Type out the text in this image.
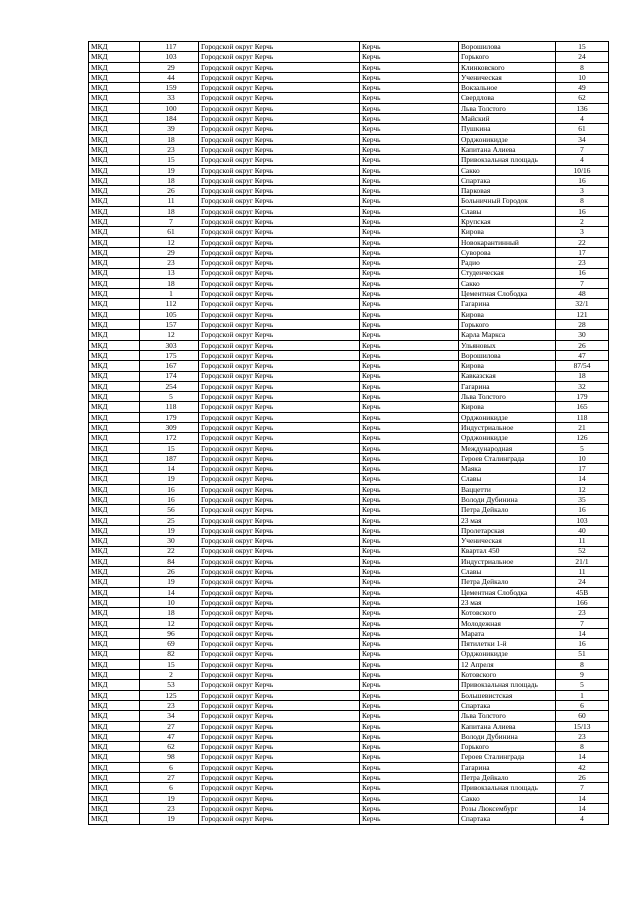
МКД	117	Городской округ Керчь	Керчь	Ворошилова	15
МКД	103	Городской округ Керчь	Керчь	Горького	24
МКД	29	Городской округ Керчь	Керчь	Клинковского	8
МКД	44	Городской округ Керчь	Керчь	Ученическая	10
МКД	159	Городской округ Керчь	Керчь	Вокзальное	49
МКД	33	Городской округ Керчь	Керчь	Свердлова	62
МКД	100	Городской округ Керчь	Керчь	Льва Толстого	136
МКД	184	Городской округ Керчь	Керчь	Майский	4
МКД	39	Городской округ Керчь	Керчь	Пушкина	61
МКД	18	Городской округ Керчь	Керчь	Орджоникидзе	34
МКД	23	Городской округ Керчь	Керчь	Капитана Алиева	7
МКД	15	Городской округ Керчь	Керчь	Привокзальная площадь	4
МКД	19	Городской округ Керчь	Керчь	Сакко	10/16
МКД	18	Городской округ Керчь	Керчь	Спартака	16
МКД	26	Городской округ Керчь	Керчь	Парковая	3
МКД	11	Городской округ Керчь	Керчь	Больничный Городок	8
МКД	18	Городской округ Керчь	Керчь	Славы	16
МКД	7	Городской округ Керчь	Керчь	Крупская	2
МКД	61	Городской округ Керчь	Керчь	Кирова	3
МКД	12	Городской округ Керчь	Керчь	Новокарантинный	22
МКД	29	Городской округ Керчь	Керчь	Суворова	17
МКД	23	Городской округ Керчь	Керчь	Радио	23
МКД	13	Городской округ Керчь	Керчь	Студенческая	16
МКД	18	Городской округ Керчь	Керчь	Сакко	7
МКД	1	Городской округ Керчь	Керчь	Цементная Слободка	48
МКД	112	Городской округ Керчь	Керчь	Гагарина	32/1
МКД	105	Городской округ Керчь	Керчь	Кирова	121
МКД	157	Городской округ Керчь	Керчь	Горького	28
МКД	12	Городской округ Керчь	Керчь	Карла Маркса	30
МКД	303	Городской округ Керчь	Керчь	Ульяновых	26
МКД	175	Городской округ Керчь	Керчь	Ворошилова	47
МКД	167	Городской округ Керчь	Керчь	Кирова	87/54
МКД	174	Городской округ Керчь	Керчь	Кавказская	18
МКД	254	Городской округ Керчь	Керчь	Гагарина	32
МКД	5	Городской округ Керчь	Керчь	Льва Толстого	179
МКД	118	Городской округ Керчь	Керчь	Кирова	165
МКД	179	Городской округ Керчь	Керчь	Орджоникидзе	118
МКД	309	Городской округ Керчь	Керчь	Индустриальное	21
МКД	172	Городской округ Керчь	Керчь	Орджоникидзе	126
МКД	15	Городской округ Керчь	Керчь	Международная	5
МКД	187	Городской округ Керчь	Керчь	Героев Сталинграда	10
МКД	14	Городской округ Керчь	Керчь	Маяка	17
МКД	19	Городской округ Керчь	Керчь	Славы	14
МКД	16	Городской округ Керчь	Керчь	Ваццетти	12
МКД	16	Городской округ Керчь	Керчь	Володи Дубинина	35
МКД	56	Городской округ Керчь	Керчь	Петра Дейкало	16
МКД	25	Городской округ Керчь	Керчь	23 мая	103
МКД	19	Городской округ Керчь	Керчь	Пролетарская	40
МКД	30	Городской округ Керчь	Керчь	Ученическая	11
МКД	22	Городской округ Керчь	Керчь	Квартал 450	52
МКД	84	Городской округ Керчь	Керчь	Индустриальное	21/1
МКД	26	Городской округ Керчь	Керчь	Славы	11
МКД	19	Городской округ Керчь	Керчь	Петра Дейкало	24
МКД	14	Городской округ Керчь	Керчь	Цементная Слободка	45В
МКД	10	Городской округ Керчь	Керчь	23 мая	166
МКД	18	Городской округ Керчь	Керчь	Котовского	23
МКД	12	Городской округ Керчь	Керчь	Молодежная	7
МКД	96	Городской округ Керчь	Керчь	Марата	14
МКД	69	Городской округ Керчь	Керчь	Пятилетки 1-й	16
МКД	82	Городской округ Керчь	Керчь	Орджоникидзе	51
МКД	15	Городской округ Керчь	Керчь	12 Апреля	8
МКД	2	Городской округ Керчь	Керчь	Котовского	9
МКД	53	Городской округ Керчь	Керчь	Привокзальная площадь	5
МКД	125	Городской округ Керчь	Керчь	Большевистская	1
МКД	23	Городской округ Керчь	Керчь	Спартака	6
МКД	34	Городской округ Керчь	Керчь	Льва Толстого	60
МКД	27	Городской округ Керчь	Керчь	Капитана Алиева	15/13
МКД	47	Городской округ Керчь	Керчь	Володи Дубинина	23
МКД	62	Городской округ Керчь	Керчь	Горького	8
МКД	98	Городской округ Керчь	Керчь	Героев Сталинграда	14
МКД	6	Городской округ Керчь	Керчь	Гагарина	42
МКД	27	Городской округ Керчь	Керчь	Петра Дейкало	26
МКД	6	Городской округ Керчь	Керчь	Привокзальная площадь	7
МКД	19	Городской округ Керчь	Керчь	Сакко	14
МКД	23	Городской округ Керчь	Керчь	Розы Люксембург	14
МКД	19	Городской округ Керчь	Керчь	Спартака	4
